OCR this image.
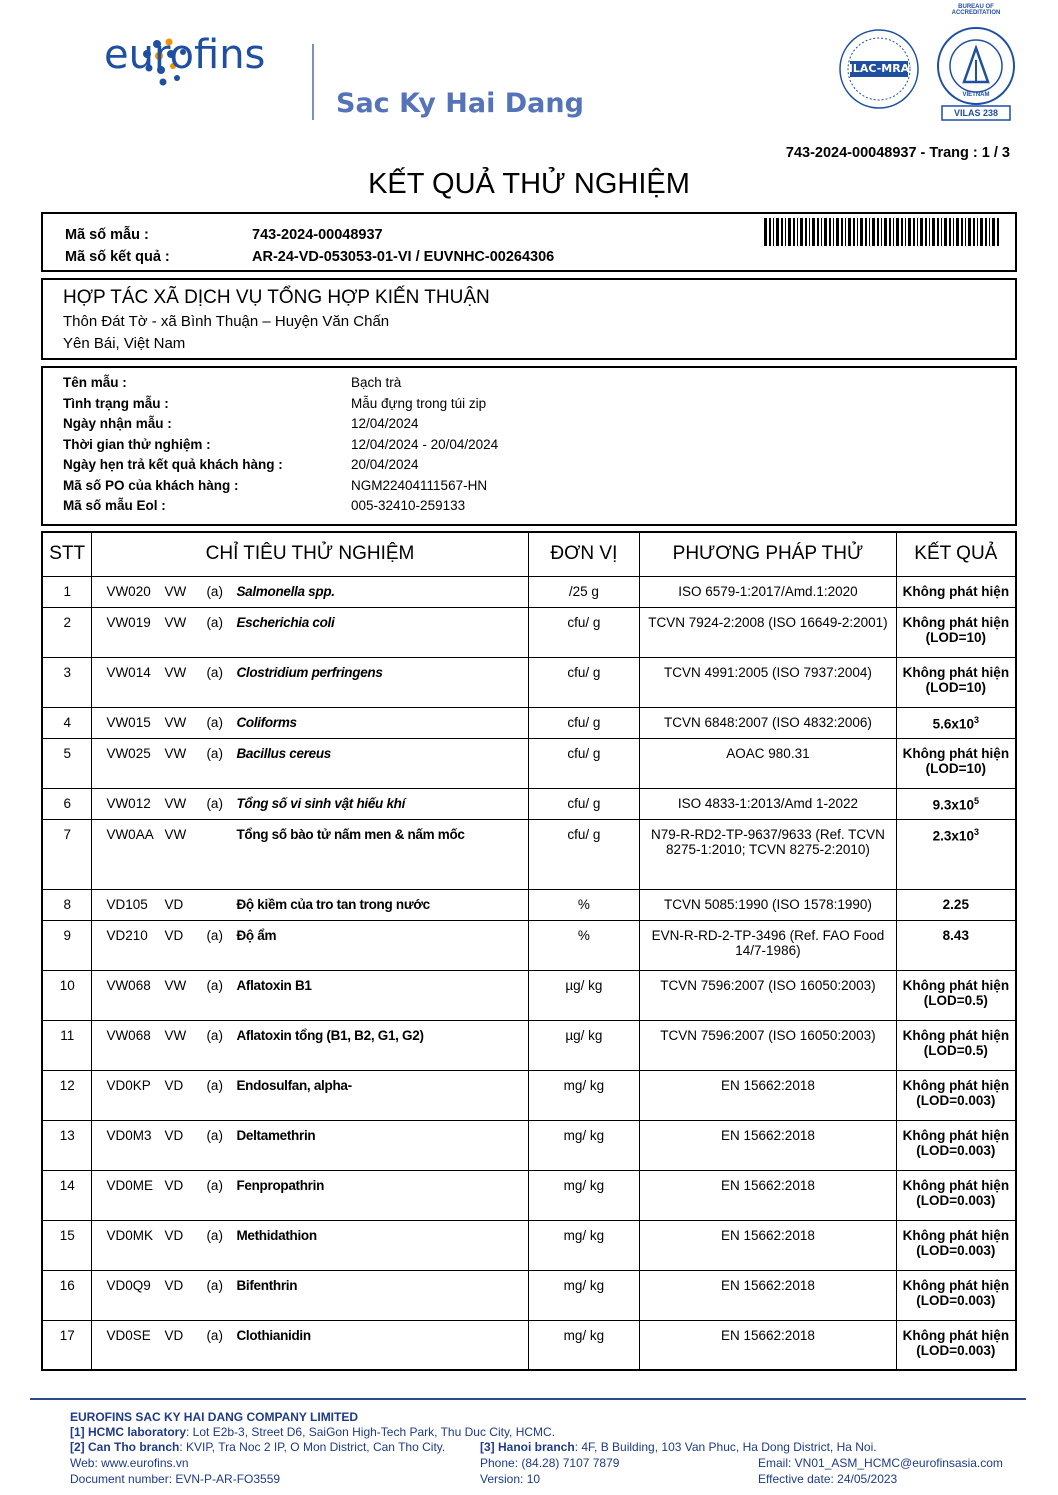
eurofins
Sac Ky Hai Dang
ILAC-MRA
BUREAU OF ACCREDITATION
VIETNAM
VILAS 238
743-2024-00048937 - Trang : 1 / 3
KẾT QUẢ THỬ NGHIỆM
Mã số mẫu :	743-2024-00048937
Mã số kết quả :	AR-24-VD-053053-01-VI / EUVNHC-00264306
HỢP TÁC XÃ DỊCH VỤ TỔNG HỢP KIẾN THUẬN
Thôn Đát Tờ - xã Bình Thuận – Huyện Văn Chấn
Yên Bái, Việt Nam
Tên mẫu :	Bạch trà
Tình trạng mẫu :	Mẫu đựng trong túi zip
Ngày nhận mẫu :	12/04/2024
Thời gian thử nghiệm :	12/04/2024 - 20/04/2024
Ngày hẹn trả kết quả khách hàng :	20/04/2024
Mã số PO của khách hàng :	NGM22404111567-HN
Mã số mẫu Eol :	005-32410-259133
STT	CHỈ TIÊU THỬ NGHIỆM	ĐƠN VỊ	PHƯƠNG PHÁP THỬ	KẾT QUẢ
1	VW020 VW (a) Salmonella spp.	/25 g	ISO 6579-1:2017/Amd.1:2020	Không phát hiện
2	VW019 VW (a) Escherichia coli	cfu/ g	TCVN 7924-2:2008 (ISO 16649-2:2001)	Không phát hiện
(LOD=10)

3	VW014 VW (a) Clostridium perfringens	cfu/ g	TCVN 4991:2005 (ISO 7937:2004)	Không phát hiện
(LOD=10)

4	VW015 VW (a) Coliforms	cfu/ g	TCVN 6848:2007 (ISO 4832:2006)	$5.6x10^3$
5	VW025 VW (a) Bacillus cereus	cfu/ g	AOAC 980.31	Không phát hiện
(LOD=10)

6	VW012 VW (a) Tổng số vi sinh vật hiếu khí	cfu/ g	ISO 4833-1:2013/Amd 1-2022	$9.3x10^5$
7	VW0AA VW Tổng số bào tử nấm men & nấm mốc	cfu/ g	N79-R-RD2-TP-9637/9633 (Ref. TCVN 8275-1:2010; TCVN 8275-2:2010)	$2.3x10^3$
8	VD105 VD Độ kiềm của tro tan trong nước	%	TCVN 5085:1990 (ISO 1578:1990)	2.25
9	VD210 VD (a) Độ ẩm	%	EVN-R-RD-2-TP-3496 (Ref. FAO Food 14/7-1986)	8.43
10	VW068 VW (a) Aflatoxin B1	µg/ kg	TCVN 7596:2007 (ISO 16050:2003)	Không phát hiện
(LOD=0.5)

11	VW068 VW (a) Aflatoxin tổng (B1, B2, G1, G2)	µg/ kg	TCVN 7596:2007 (ISO 16050:2003)	Không phát hiện
(LOD=0.5)

12	VD0KP VD (a) Endosulfan, alpha-	mg/ kg	EN 15662:2018	Không phát hiện
(LOD=0.003)

13	VD0M3 VD (a) Deltamethrin	mg/ kg	EN 15662:2018	Không phát hiện
(LOD=0.003)

14	VD0ME VD (a) Fenpropathrin	mg/ kg	EN 15662:2018	Không phát hiện
(LOD=0.003)

15	VD0MK VD (a) Methidathion	mg/ kg	EN 15662:2018	Không phát hiện
(LOD=0.003)

16	VD0Q9 VD (a) Bifenthrin	mg/ kg	EN 15662:2018	Không phát hiện
(LOD=0.003)

17	VD0SE VD (a) Clothianidin	mg/ kg	EN 15662:2018	Không phát hiện
(LOD=0.003)
EUROFINS SAC KY HAI DANG COMPANY LIMITED
[1] HCMC laboratory: Lot E2b-3, Street D6, SaiGon High-Tech Park, Thu Duc City, HCMC.
[2] Can Tho branch: KVIP, Tra Noc 2 IP, O Mon District, Can Tho City.	[3] Hanoi branch: 4F, B Building, 103 Van Phuc, Ha Dong District, Ha Noi.
Web: www.eurofins.vn	Phone: (84.28) 7107 7879	Email: VN01_ASM_HCMC@eurofinsasia.com
Document number: EVN-P-AR-FO3559	Version: 10	Effective date: 24/05/2023
